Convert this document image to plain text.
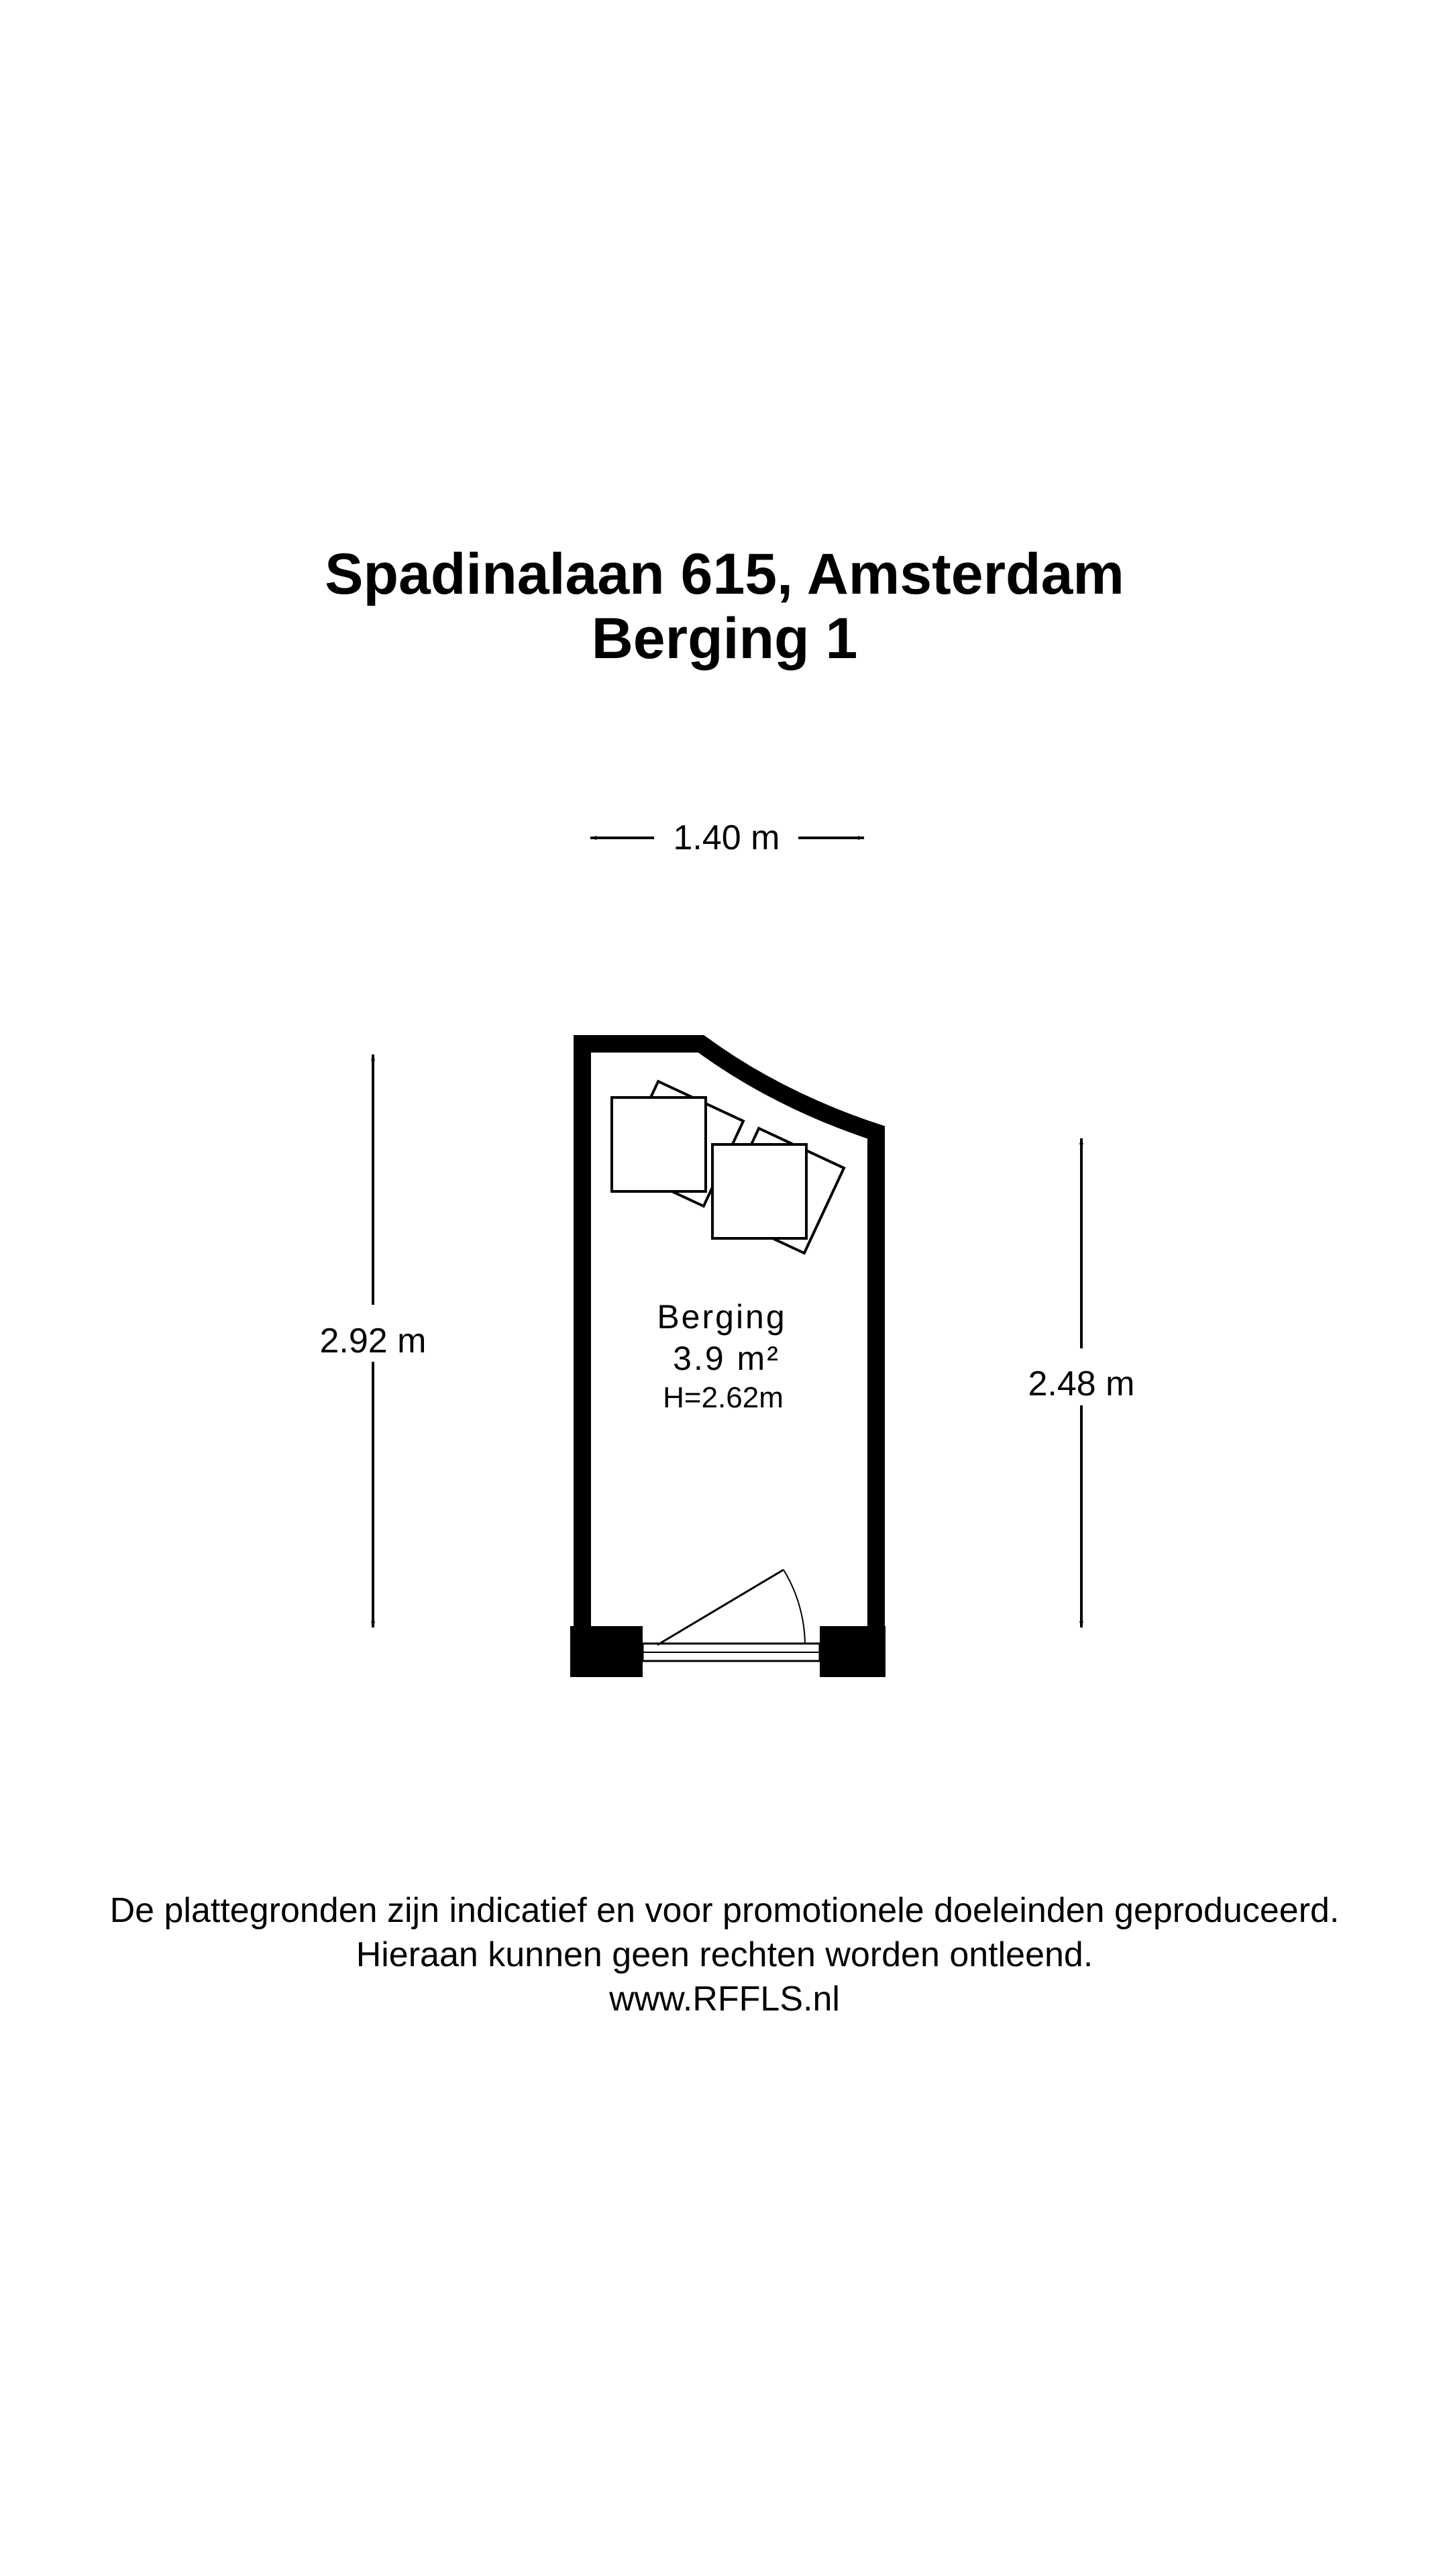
Spadinalaan 615, Amsterdam
Berging 1
1.40 m
2.92 m
2.48 m
Berging
3.9 m²
H=2.62m
De plattegronden zijn indicatief en voor promotionele doeleinden geproduceerd.
Hieraan kunnen geen rechten worden ontleend.
www.RFFLS.nl
